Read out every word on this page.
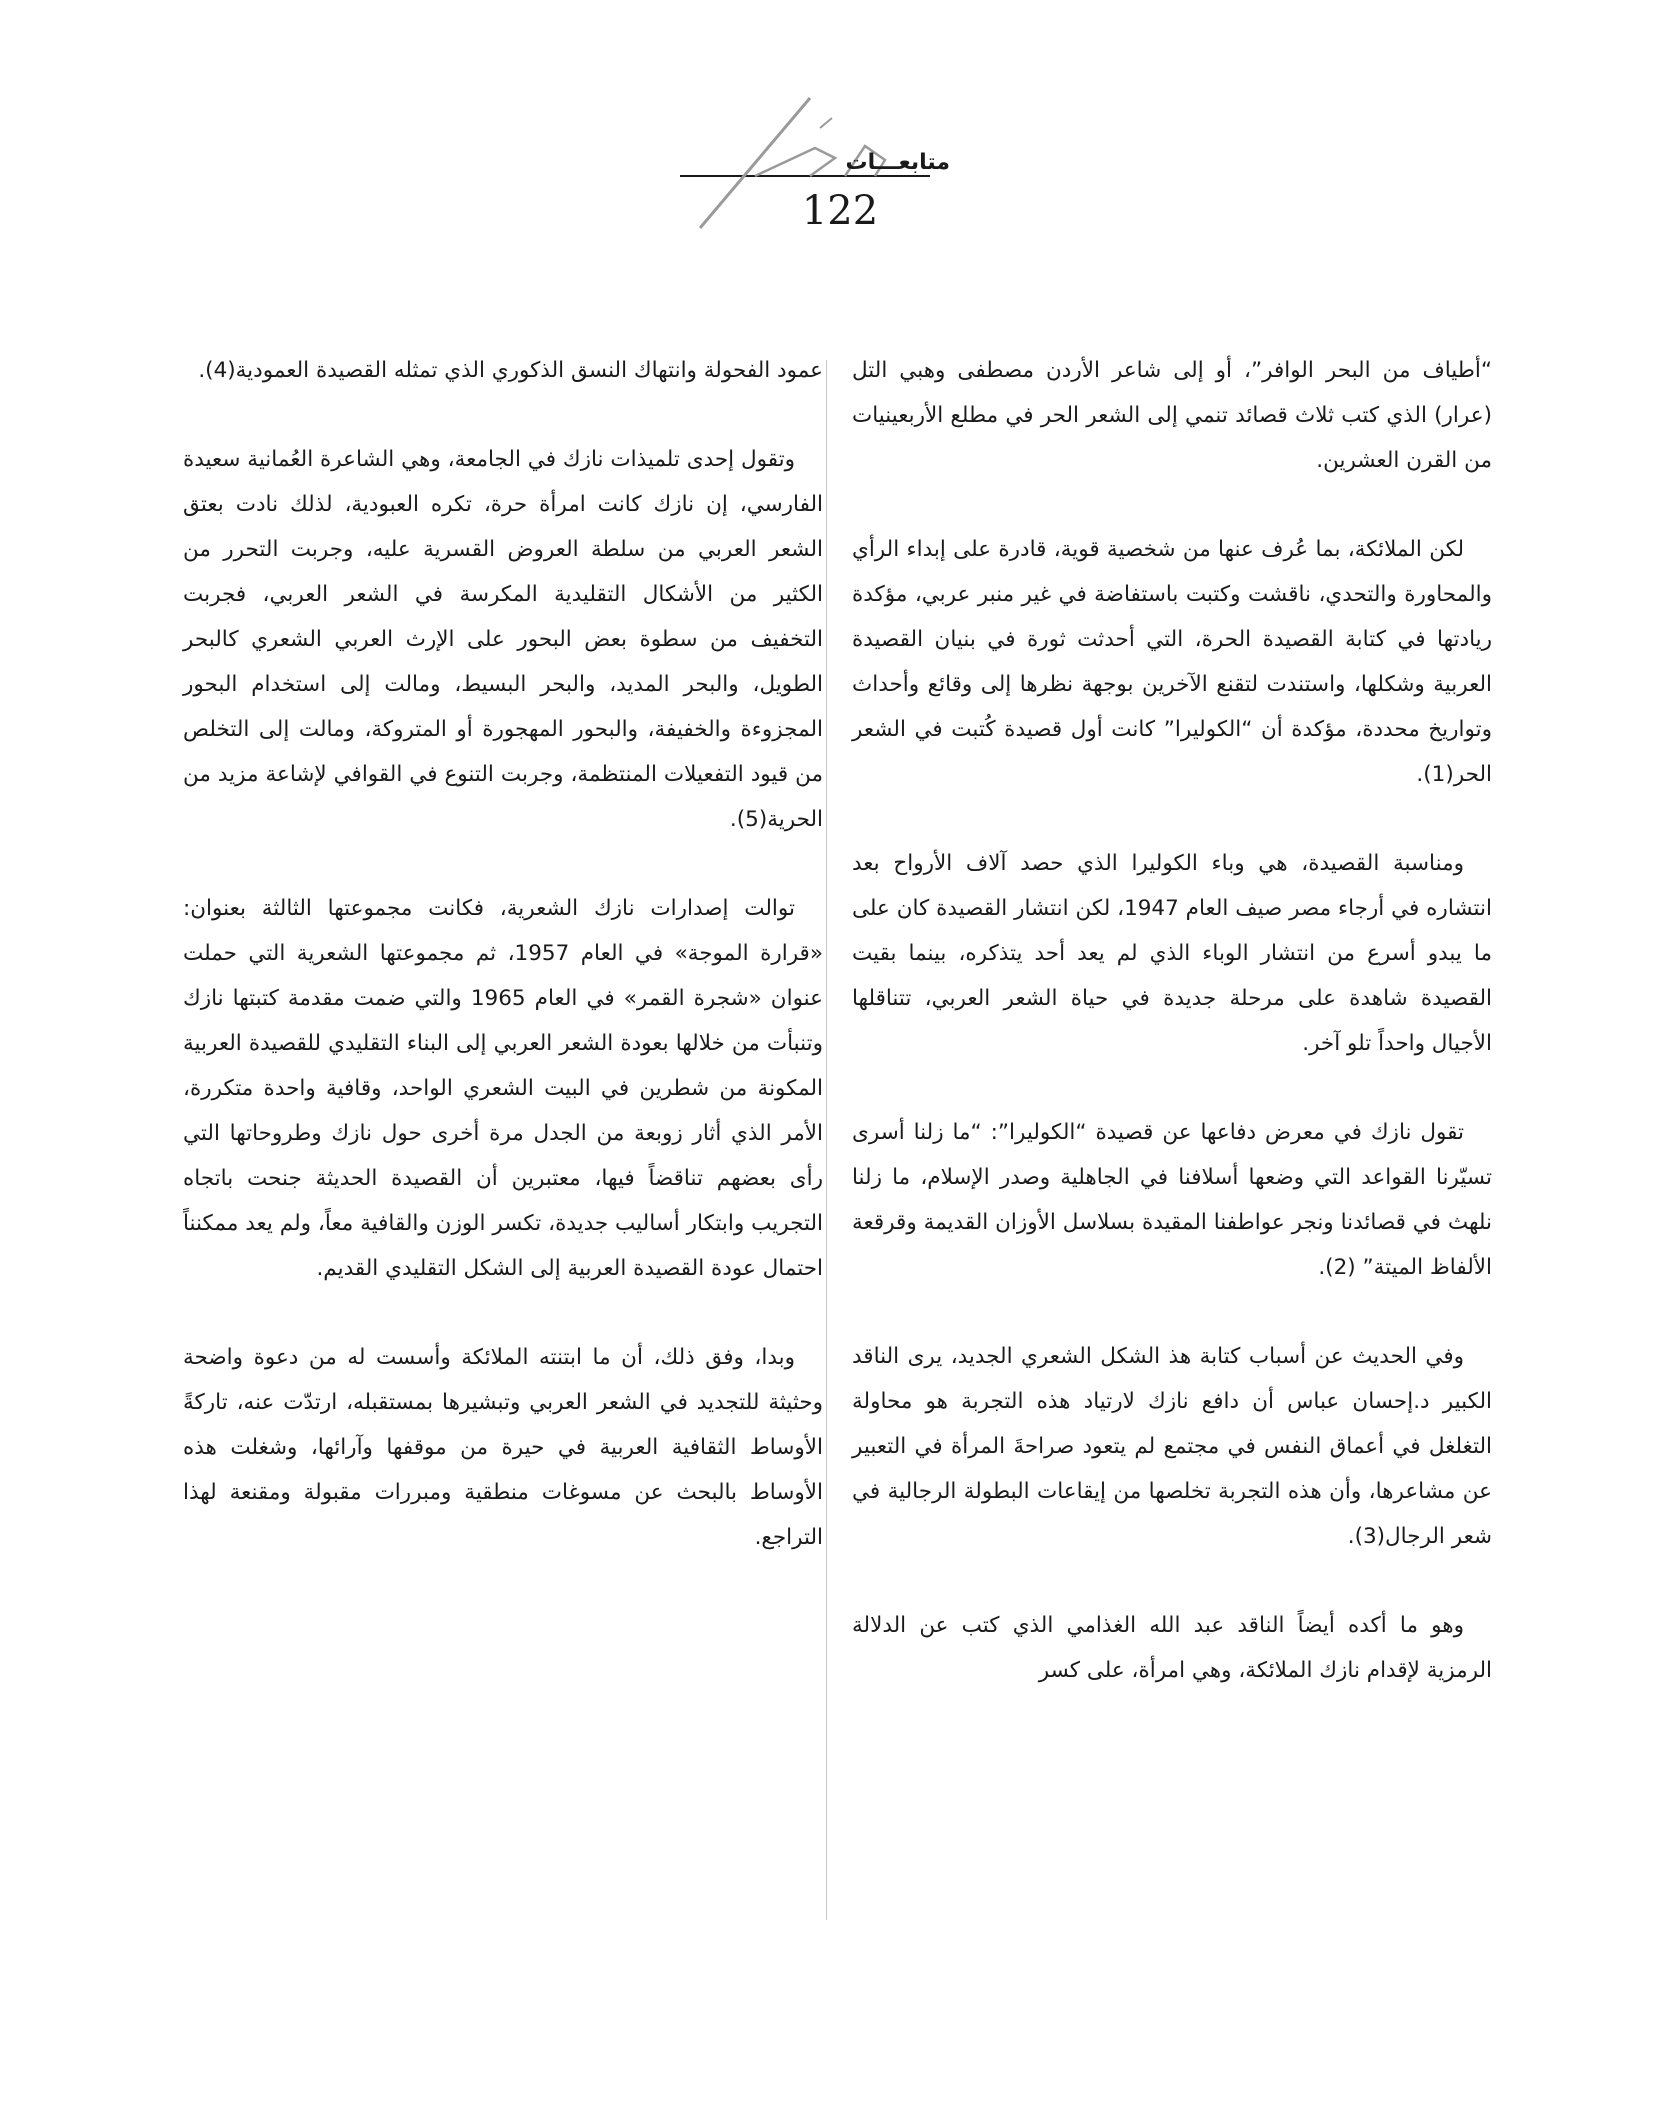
متابعـــات
122

“أطياف من البحر الوافر”، أو إلى شاعر الأردن مصطفى وهبي التل (عرار) الذي كتب ثلاث قصائد تنمي إلى الشعر الحر في مطلع الأربعينيات من القرن العشرين.

لكن الملائكة، بما عُرف عنها من شخصية قوية، قادرة على إبداء الرأي والمحاورة والتحدي، ناقشت وكتبت باستفاضة في غير منبر عربي، مؤكدة ريادتها في كتابة القصيدة الحرة، التي أحدثت ثورة في بنيان القصيدة العربية وشكلها، واستندت لتقنع الآخرين بوجهة نظرها إلى وقائع وأحداث وتواريخ محددة، مؤكدة أن “الكوليرا” كانت أول قصيدة كُتبت في الشعر الحر(1).

ومناسبة القصيدة، هي وباء الكوليرا الذي حصد آلاف الأرواح بعد انتشاره في أرجاء مصر صيف العام 1947، لكن انتشار القصيدة كان على ما يبدو أسرع من انتشار الوباء الذي لم يعد أحد يتذكره، بينما بقيت القصيدة شاهدة على مرحلة جديدة في حياة الشعر العربي، تتناقلها الأجيال واحداً تلو آخر.

تقول نازك في معرض دفاعها عن قصيدة “الكوليرا”: “ما زلنا أسرى تسيّرنا القواعد التي وضعها أسلافنا في الجاهلية وصدر الإسلام، ما زلنا نلهث في قصائدنا ونجر عواطفنا المقيدة بسلاسل الأوزان القديمة وقرقعة الألفاظ الميتة” (2).

وفي الحديث عن أسباب كتابة هذ الشكل الشعري الجديد، يرى الناقد الكبير د.إحسان عباس أن دافع نازك لارتياد هذه التجربة هو محاولة التغلغل في أعماق النفس في مجتمع لم يتعود صراحةَ المرأة في التعبير عن مشاعرها، وأن هذه التجربة تخلصها من إيقاعات البطولة الرجالية في شعر الرجال(3).

وهو ما أكده أيضاً الناقد عبد الله الغذامي الذي كتب عن الدلالة الرمزية لإقدام نازك الملائكة، وهي امرأة، على كسر

عمود الفحولة وانتهاك النسق الذكوري الذي تمثله القصيدة العمودية(4).

وتقول إحدى تلميذات نازك في الجامعة، وهي الشاعرة العُمانية سعيدة الفارسي، إن نازك كانت امرأة حرة، تكره العبودية، لذلك نادت بعتق الشعر العربي من سلطة العروض القسرية عليه، وجربت التحرر من الكثير من الأشكال التقليدية المكرسة في الشعر العربي، فجربت التخفيف من سطوة بعض البحور على الإرث العربي الشعري كالبحر الطويل، والبحر المديد، والبحر البسيط، ومالت إلى استخدام البحور المجزوءة والخفيفة، والبحور المهجورة أو المتروكة، ومالت إلى التخلص من قيود التفعيلات المنتظمة، وجربت التنوع في القوافي لإشاعة مزيد من الحرية(5).

توالت إصدارات نازك الشعرية، فكانت مجموعتها الثالثة بعنوان: «قرارة الموجة» في العام 1957، ثم مجموعتها الشعرية التي حملت عنوان «شجرة القمر» في العام 1965 والتي ضمت مقدمة كتبتها نازك وتنبأت من خلالها بعودة الشعر العربي إلى البناء التقليدي للقصيدة العربية المكونة من شطرين في البيت الشعري الواحد، وقافية واحدة متكررة، الأمر الذي أثار زوبعة من الجدل مرة أخرى حول نازك وطروحاتها التي رأى بعضهم تناقضاً فيها، معتبرين أن القصيدة الحديثة جنحت باتجاه التجريب وابتكار أساليب جديدة، تكسر الوزن والقافية معاً، ولم يعد ممكنناً احتمال عودة القصيدة العربية إلى الشكل التقليدي القديم.

وبدا، وفق ذلك، أن ما ابتنته الملائكة وأسست له من دعوة واضحة وحثيثة للتجديد في الشعر العربي وتبشيرها بمستقبله، ارتدّت عنه، تاركةً الأوساط الثقافية العربية في حيرة من موقفها وآرائها، وشغلت هذه الأوساط بالبحث عن مسوغات منطقية ومبررات مقبولة ومقنعة لهذا التراجع.
